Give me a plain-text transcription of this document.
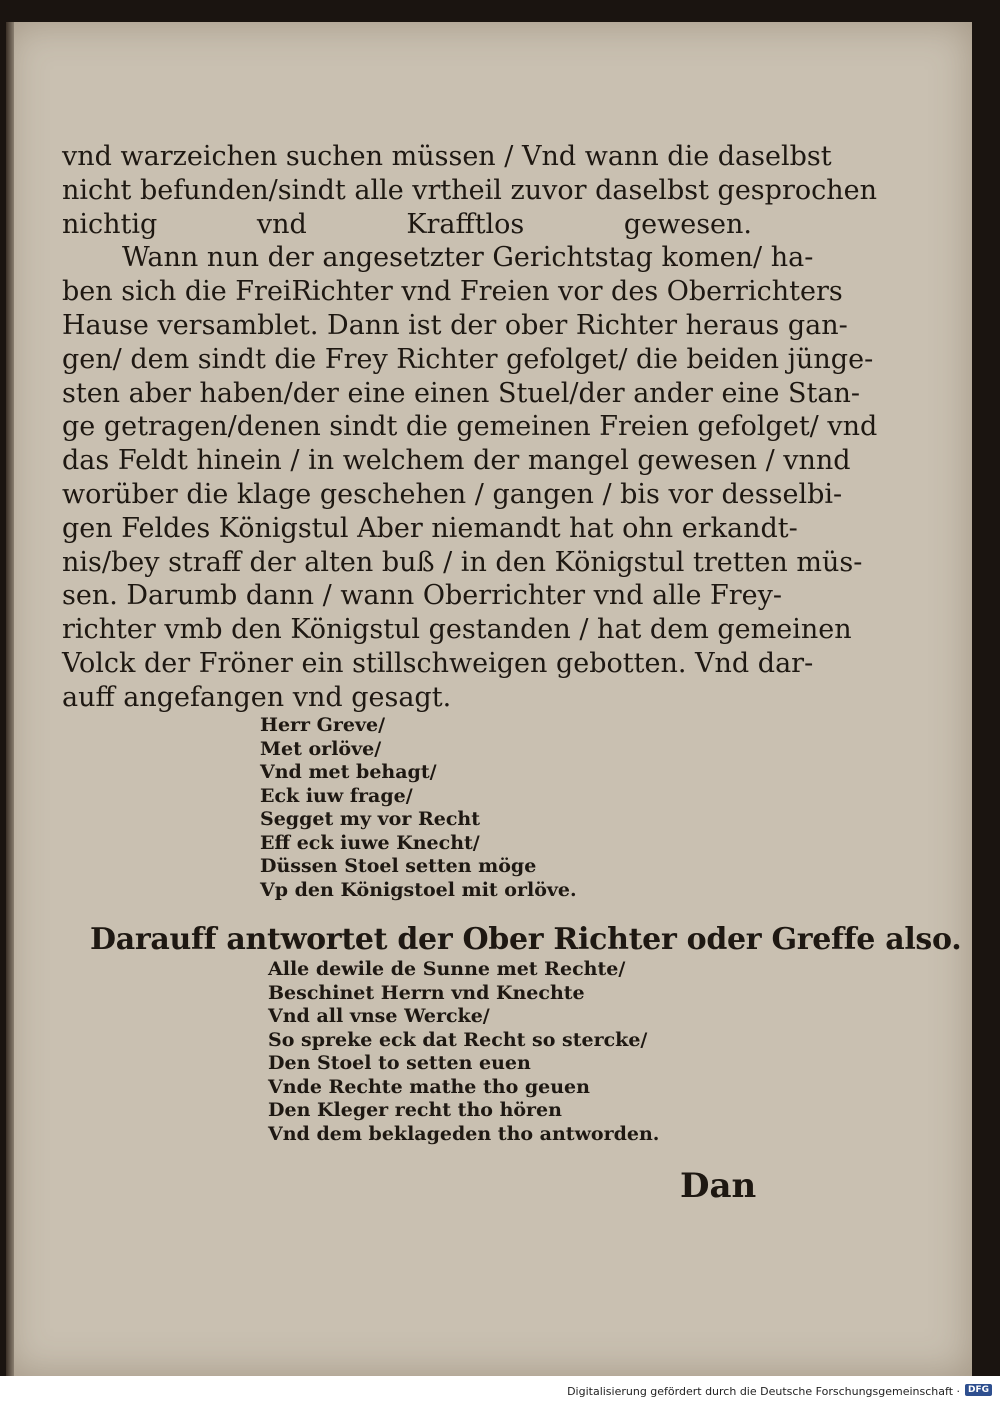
vnd warzeichen suchen müssen / Vnd wann die daselbst
nicht befunden/sindt alle vrtheil zuvor daselbst gesprochen
nichtig vnd Krafftlos gewesen.
Wann nun der angesetzter Gerichtstag komen/ ha-
ben sich die FreiRichter vnd Freien vor des Oberrichters
Hause versamblet. Dann ist der ober Richter heraus gan-
gen/ dem sindt die Frey Richter gefolget/ die beiden jünge-
sten aber haben/der eine einen Stuel/der ander eine Stan-
ge getragen/denen sindt die gemeinen Freien gefolget/ vnd
das Feldt hinein / in welchem der mangel gewesen / vnnd
worüber die klage geschehen / gangen / bis vor desselbi-
gen Feldes Königstul Aber niemandt hat ohn erkandt-
nis/bey straff der alten buß / in den Königstul tretten müs-
sen. Darumb dann / wann Oberrichter vnd alle Frey-
richter vmb den Königstul gestanden / hat dem gemeinen
Volck der Fröner ein stillschweigen gebotten. Vnd dar-
auff angefangen vnd gesagt.
Herr Greve/
Met orlöve/
Vnd met behagt/
Eck iuw frage/
Segget my vor Recht
Eff eck iuwe Knecht/
Düssen Stoel setten möge
Vp den Königstoel mit orlöve.
Darauff antwortet der Ober Richter oder Greffe also.
Alle dewile de Sunne met Rechte/
Beschinet Herrn vnd Knechte
Vnd all vnse Wercke/
So spreke eck dat Recht so stercke/
Den Stoel to setten euen
Vnde Rechte mathe tho geuen
Den Kleger recht tho hören
Vnd dem beklageden tho antworden.
Dan
Digitalisierung gefördert durch die Deutsche Forschungsgemeinschaft · DFG
